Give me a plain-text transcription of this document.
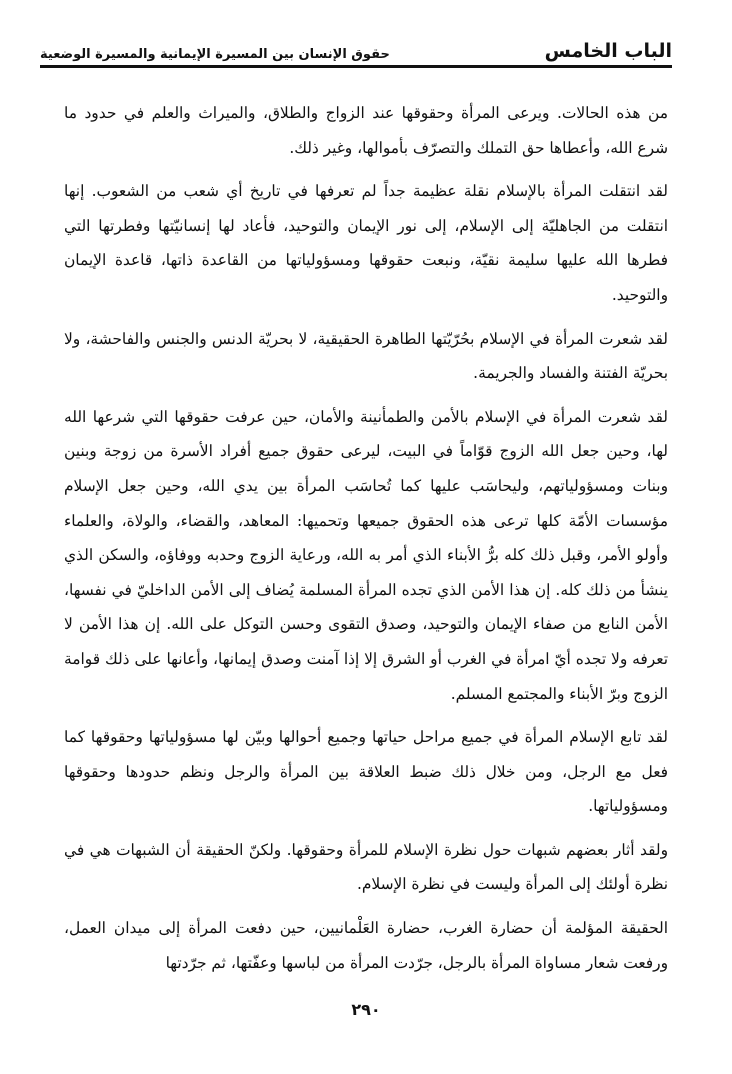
الباب الخامس
حقوق الإنسان بين المسيرة الإيمانية والمسيرة الوضعية

من هذه الحالات. ويرعى المرأة وحقوقها عند الزواج والطلاق، والميراث والعلم في حدود ما شرع الله، وأعطاها حق التملك والتصرّف بأموالها، وغير ذلك.

لقد انتقلت المرأة بالإسلام نقلة عظيمة جداً لم تعرفها في تاريخ أي شعب من الشعوب. إنها انتقلت من الجاهليّة إلى الإسلام، إلى نور الإيمان والتوحيد، فأعاد لها إنسانيّتها وفطرتها التي فطرها الله عليها سليمة نقيّة، ونبعت حقوقها ومسؤولياتها من القاعدة ذاتها، قاعدة الإيمان والتوحيد.

لقد شعرت المرأة في الإسلام بحُرّيّتها الطاهرة الحقيقية، لا بحريّة الدنس والجنس والفاحشة، ولا بحريّة الفتنة والفساد والجريمة.

لقد شعرت المرأة في الإسلام بالأمن والطمأنينة والأمان، حين عرفت حقوقها التي شرعها الله لها، وحين جعل الله الزوج قوّاماً في البيت، ليرعى حقوق جميع أفراد الأسرة من زوجة وبنين وبنات ومسؤولياتهم، وليحاسَب عليها كما تُحاسَب المرأة بين يدي الله، وحين جعل الإسلام مؤسسات الأمّة كلها ترعى هذه الحقوق جميعها وتحميها: المعاهد، والقضاء، والولاة، والعلماء وأولو الأمر، وقبل ذلك كله برُّ الأبناء الذي أمر به الله، ورعاية الزوج وحدبه ووفاؤه، والسكن الذي ينشأ من ذلك كله. إن هذا الأمن الذي تجده المرأة المسلمة يُضاف إلى الأمن الداخليّ في نفسها، الأمن النابع من صفاء الإيمان والتوحيد، وصدق التقوى وحسن التوكل على الله. إن هذا الأمن لا تعرفه ولا تجده أيّ امرأة في الغرب أو الشرق إلا إذا آمنت وصدق إيمانها، وأعانها على ذلك قوامة الزوج وبرّ الأبناء والمجتمع المسلم.

لقد تابع الإسلام المرأة في جميع مراحل حياتها وجميع أحوالها وبيّن لها مسؤولياتها وحقوقها كما فعل مع الرجل، ومن خلال ذلك ضبط العلاقة بين المرأة والرجل ونظم حدودها وحقوقها ومسؤولياتها.

ولقد أثار بعضهم شبهات حول نظرة الإسلام للمرأة وحقوقها. ولكنّ الحقيقة أن الشبهات هي في نظرة أولئك إلى المرأة وليست في نظرة الإسلام.

الحقيقة المؤلمة أن حضارة الغرب، حضارة العَلْمانيين، حين دفعت المرأة إلى ميدان العمل، ورفعت شعار مساواة المرأة بالرجل، جرّدت المرأة من لباسها وعفّتها، ثم جرّدتها

٢٩٠
